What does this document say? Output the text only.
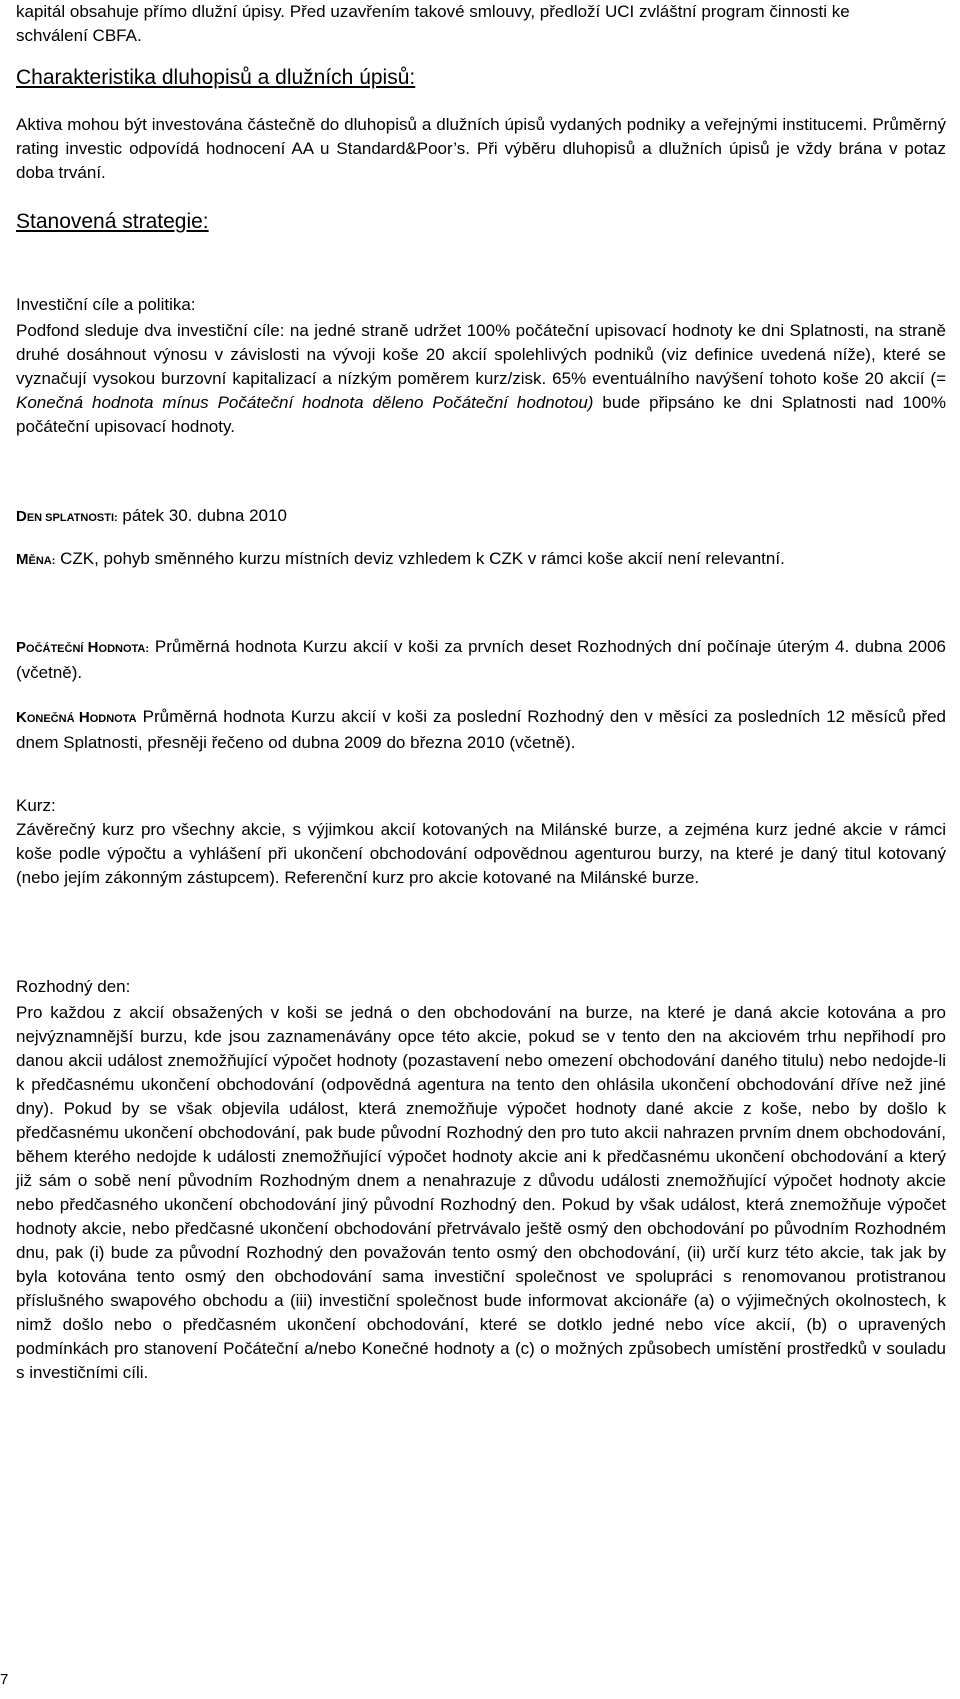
kapitál obsahuje přímo dlužní úpisy. Před uzavřením takové smlouvy, předloží UCI zvláštní program činnosti ke schválení CBFA.

Charakteristika dluhopisů a dlužních úpisů:

Aktiva mohou být investována částečně do dluhopisů a dlužních úpisů vydaných podniky a veřejnými institucemi. Průměrný rating investic odpovídá hodnocení AA u Standard&Poor’s. Při výběru dluhopisů a dlužních úpisů je vždy brána v potaz doba trvání.

Stanovená strategie:

Investiční cíle a politika:

Podfond sleduje dva investiční cíle: na jedné straně udržet 100% počáteční upisovací hodnoty ke dni Splatnosti, na straně druhé dosáhnout výnosu v závislosti na vývoji koše 20 akcií spolehlivých podniků (viz definice uvedená níže), které se vyznačují vysokou burzovní kapitalizací a nízkým poměrem kurz/zisk. 65% eventuálního navýšení tohoto koše 20 akcií (= Konečná hodnota mínus Počáteční hodnota děleno Počáteční hodnotou) bude připsáno ke dni Splatnosti nad 100% počáteční upisovací hodnoty.

DEN SPLATNOSTI: pátek 30. dubna 2010

MĚNA: CZK, pohyb směnného kurzu místních deviz vzhledem k CZK v rámci koše akcií není relevantní.

POČÁTEČNÍ HODNOTA: Průměrná hodnota Kurzu akcií v koši za prvních deset Rozhodných dní počínaje úterým 4. dubna 2006 (včetně).

KONEČNÁ HODNOTA Průměrná hodnota Kurzu akcií v koši za poslední Rozhodný den v měsíci za posledních 12 měsíců před dnem Splatnosti, přesněji řečeno od dubna 2009 do března 2010 (včetně).

Kurz:

Závěrečný kurz pro všechny akcie, s výjimkou akcií kotovaných na Milánské burze, a zejména kurz jedné akcie v rámci koše podle výpočtu a vyhlášení při ukončení obchodování odpovědnou agenturou burzy, na které je daný titul kotovaný (nebo jejím zákonným zástupcem). Referenční kurz pro akcie kotované na Milánské burze.

Rozhodný den:

Pro každou z akcií obsažených v koši se jedná o den obchodování na burze, na které je daná akcie kotována a pro nejvýznamnější burzu, kde jsou zaznamenávány opce této akcie, pokud se v tento den na akciovém trhu nepřihodí pro danou akcii událost znemožňující výpočet hodnoty (pozastavení nebo omezení obchodování daného titulu) nebo nedojde-li k předčasnému ukončení obchodování (odpovědná agentura na tento den ohlásila ukončení obchodování dříve než jiné dny). Pokud by se však objevila událost, která znemožňuje výpočet hodnoty dané akcie z koše, nebo by došlo k předčasnému ukončení obchodování, pak bude původní Rozhodný den pro tuto akcii nahrazen prvním dnem obchodování, během kterého nedojde k události znemožňující výpočet hodnoty akcie ani k předčasnému ukončení obchodování a který již sám o sobě není původním Rozhodným dnem a nenahrazuje z důvodu události znemožňující výpočet hodnoty akcie nebo předčasného ukončení obchodování jiný původní Rozhodný den. Pokud by však událost, která znemožňuje výpočet hodnoty akcie, nebo předčasné ukončení obchodování přetrvávalo ještě osmý den obchodování po původním Rozhodném dnu, pak (i) bude za původní Rozhodný den považován tento osmý den obchodování, (ii) určí kurz této akcie, tak jak by byla kotována tento osmý den obchodování sama investiční společnost ve spolupráci s renomovanou protistranou příslušného swapového obchodu a (iii) investiční společnost bude informovat akcionáře (a) o výjimečných okolnostech, k nimž došlo nebo o předčasném ukončení obchodování, které se dotklo jedné nebo více akcií, (b) o upravených podmínkách pro stanovení Počáteční a/nebo Konečné hodnoty a (c) o možných způsobech umístění prostředků v souladu s investičními cíli.

7
